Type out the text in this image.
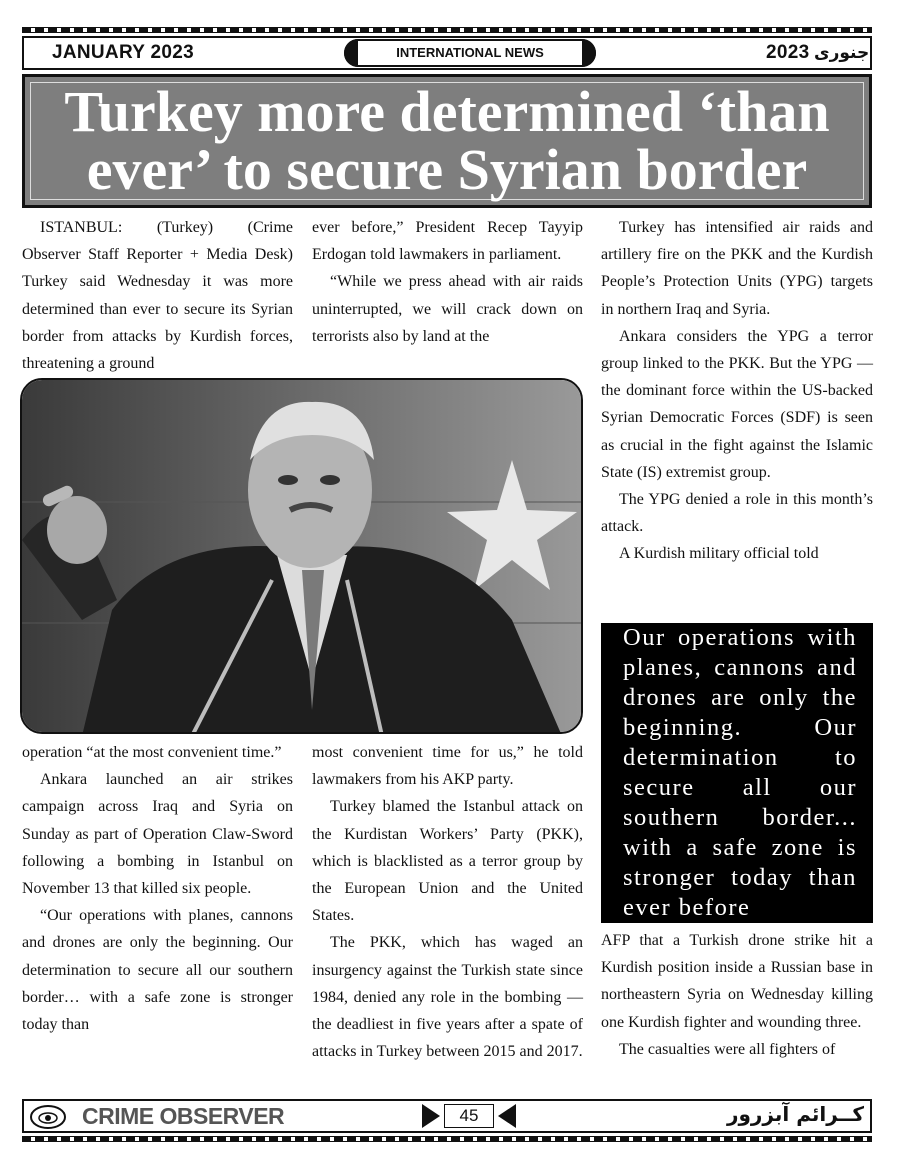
JANUARY 2023	INTERNATIONAL NEWS	2023 جنوری
Turkey more determined ‘than
ever’ to secure Syrian border

ISTANBUL: (Turkey) (Crime Observer Staff Reporter + Media Desk) Turkey said Wednesday it was more determined than ever to secure its Syrian border from attacks by Kurdish forces, threatening a ground

ever before,” President Recep Tayyip Erdogan told lawmakers in parliament.

“While we press ahead with air raids uninterrupted, we will crack down on terrorists also by land at the

operation “at the most convenient time.”

Ankara launched an air strikes campaign across Iraq and Syria on Sunday as part of Operation Claw-Sword following a bombing in Istanbul on November 13 that killed six people.

“Our operations with planes, cannons and drones are only the beginning. Our determination to secure all our southern border… with a safe zone is stronger today than

most convenient time for us,” he told lawmakers from his AKP party.

Turkey blamed the Istanbul attack on the Kurdistan Workers’ Party (PKK), which is blacklisted as a terror group by the European Union and the United States.

The PKK, which has waged an insurgency against the Turkish state since 1984, denied any role in the bombing — the deadliest in five years after a spate of attacks in Turkey between 2015 and 2017.

Turkey has intensified air raids and artillery fire on the PKK and the Kurdish People’s Protection Units (YPG) targets in northern Iraq and Syria.

Ankara considers the YPG a terror group linked to the PKK. But the YPG — the dominant force within the US-backed Syrian Democratic Forces (SDF) is seen as crucial in the fight against the Islamic State (IS) extremist group.

The YPG denied a role in this month’s attack.

A Kurdish military official told

Our operations with planes, cannons and drones are only the beginning. Our determination to secure all our southern border... with a safe zone is stronger today than ever before

AFP that a Turkish drone strike hit a Kurdish position inside a Russian base in northeastern Syria on Wednesday killing one Kurdish fighter and wounding three.

The casualties were all fighters of

CRIME OBSERVER	45	کــرائم آبزرور
